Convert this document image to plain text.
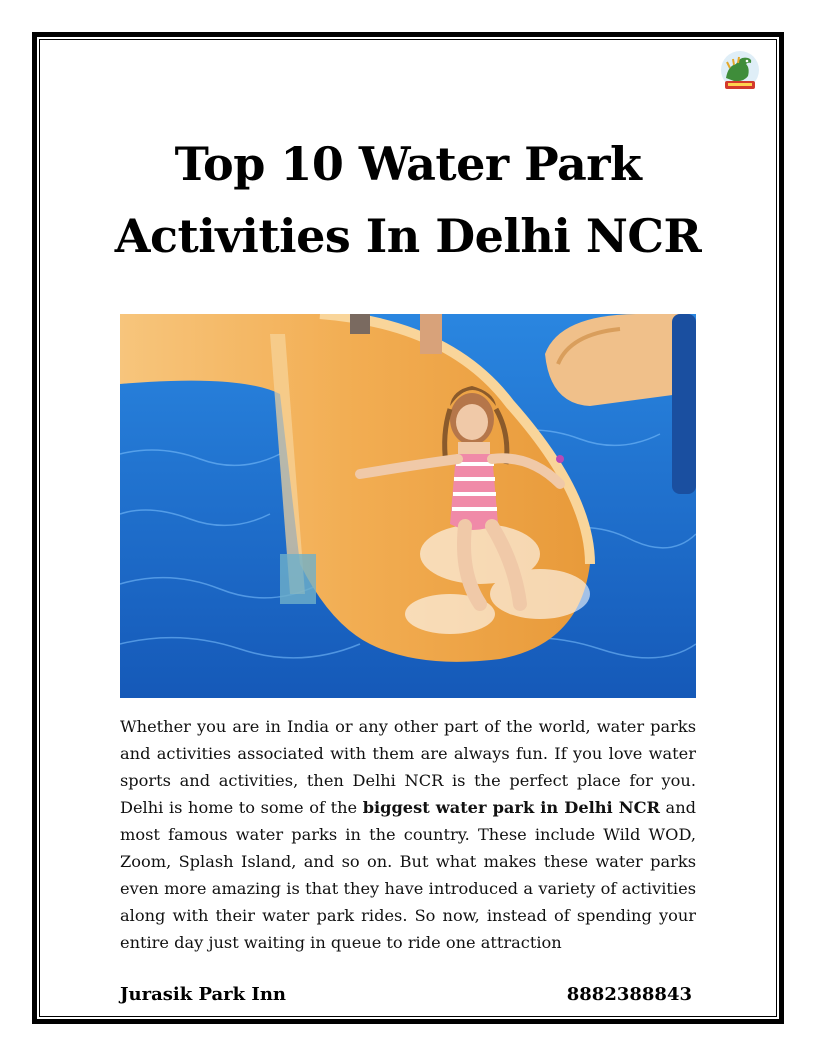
Top 10 Water Park
Activities In Delhi NCR

Whether you are in India or any other part of the world, water parks and activities associated with them are always fun. If you love water sports and activities, then Delhi NCR is the perfect place for you. Delhi is home to some of the biggest water park in Delhi NCR and most famous water parks in the country. These include Wild WOD, Zoom, Splash Island, and so on. But what makes these water parks even more amazing is that they have introduced a variety of activities along with their water park rides. So now, instead of spending your entire day just waiting in queue to ride one attraction

Jurasik Park Inn	8882388843
